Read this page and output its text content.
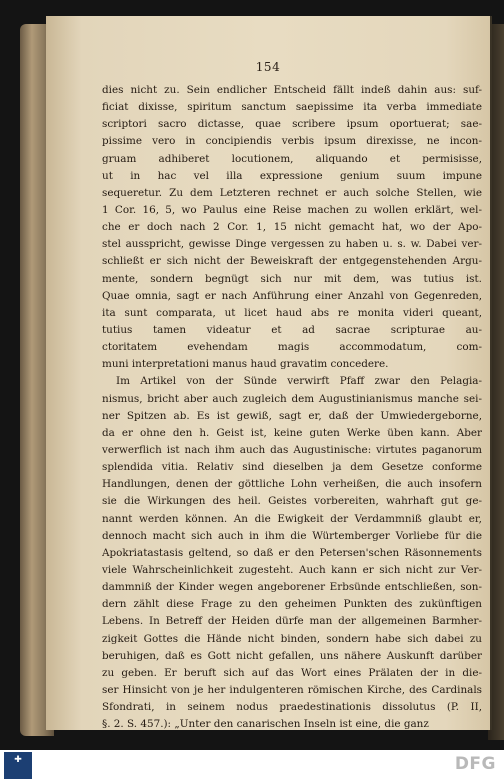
154
dies nicht zu. Sein endlicher Entscheid fällt indeß dahin aus: suf-
ficiat dixisse, spiritum sanctum saepissime ita verba immediate
scriptori sacro dictasse, quae scribere ipsum oportuerat; sae-
pissime vero in concipiendis verbis ipsum direxisse, ne incon-
gruam adhiberet locutionem, aliquando et permisisse,
ut in hac vel illa expressione genium suum impune
sequeretur. Zu dem Letzteren rechnet er auch solche Stellen, wie
1 Cor. 16, 5, wo Paulus eine Reise machen zu wollen erklärt, wel-
che er doch nach 2 Cor. 1, 15 nicht gemacht hat, wo der Apo-
stel ausspricht, gewisse Dinge vergessen zu haben u. s. w. Dabei ver-
schließt er sich nicht der Beweiskraft der entgegenstehenden Argu-
mente, sondern begnügt sich nur mit dem, was tutius ist.
Quae omnia, sagt er nach Anführung einer Anzahl von Gegenreden,
ita sunt comparata, ut licet haud abs re monita videri queant,
tutius tamen videatur et ad sacrae scripturae au-
ctoritatem evehendam magis accommodatum, com-
muni interpretationi manus haud gravatim concedere.
Im Artikel von der Sünde verwirft Pfaff zwar den Pelagia-
nismus, bricht aber auch zugleich dem Augustinianismus manche sei-
ner Spitzen ab. Es ist gewiß, sagt er, daß der Umwiedergeborne,
da er ohne den h. Geist ist, keine guten Werke üben kann. Aber
verwerflich ist nach ihm auch das Augustinische: virtutes paganorum
splendida vitia. Relativ sind dieselben ja dem Gesetze conforme
Handlungen, denen der göttliche Lohn verheißen, die auch insofern
sie die Wirkungen des heil. Geistes vorbereiten, wahrhaft gut ge-
nannt werden können. An die Ewigkeit der Verdammniß glaubt er,
dennoch macht sich auch in ihm die Würtemberger Vorliebe für die
Apokriatastasis geltend, so daß er den Petersen'schen Räsonnements
viele Wahrscheinlichkeit zugesteht. Auch kann er sich nicht zur Ver-
dammniß der Kinder wegen angeborener Erbsünde entschließen, son-
dern zählt diese Frage zu den geheimen Punkten des zukünftigen
Lebens. In Betreff der Heiden dürfe man der allgemeinen Barmher-
zigkeit Gottes die Hände nicht binden, sondern habe sich dabei zu
beruhigen, daß es Gott nicht gefallen, uns nähere Auskunft darüber
zu geben. Er beruft sich auf das Wort eines Prälaten der in die-
ser Hinsicht von je her indulgenteren römischen Kirche, des Cardinals
Sfondrati, in seinem nodus praedestinationis dissolutus (P. II,
§. 2. S. 457.): „Unter den canarischen Inseln ist eine, die ganz
✚	DFG
